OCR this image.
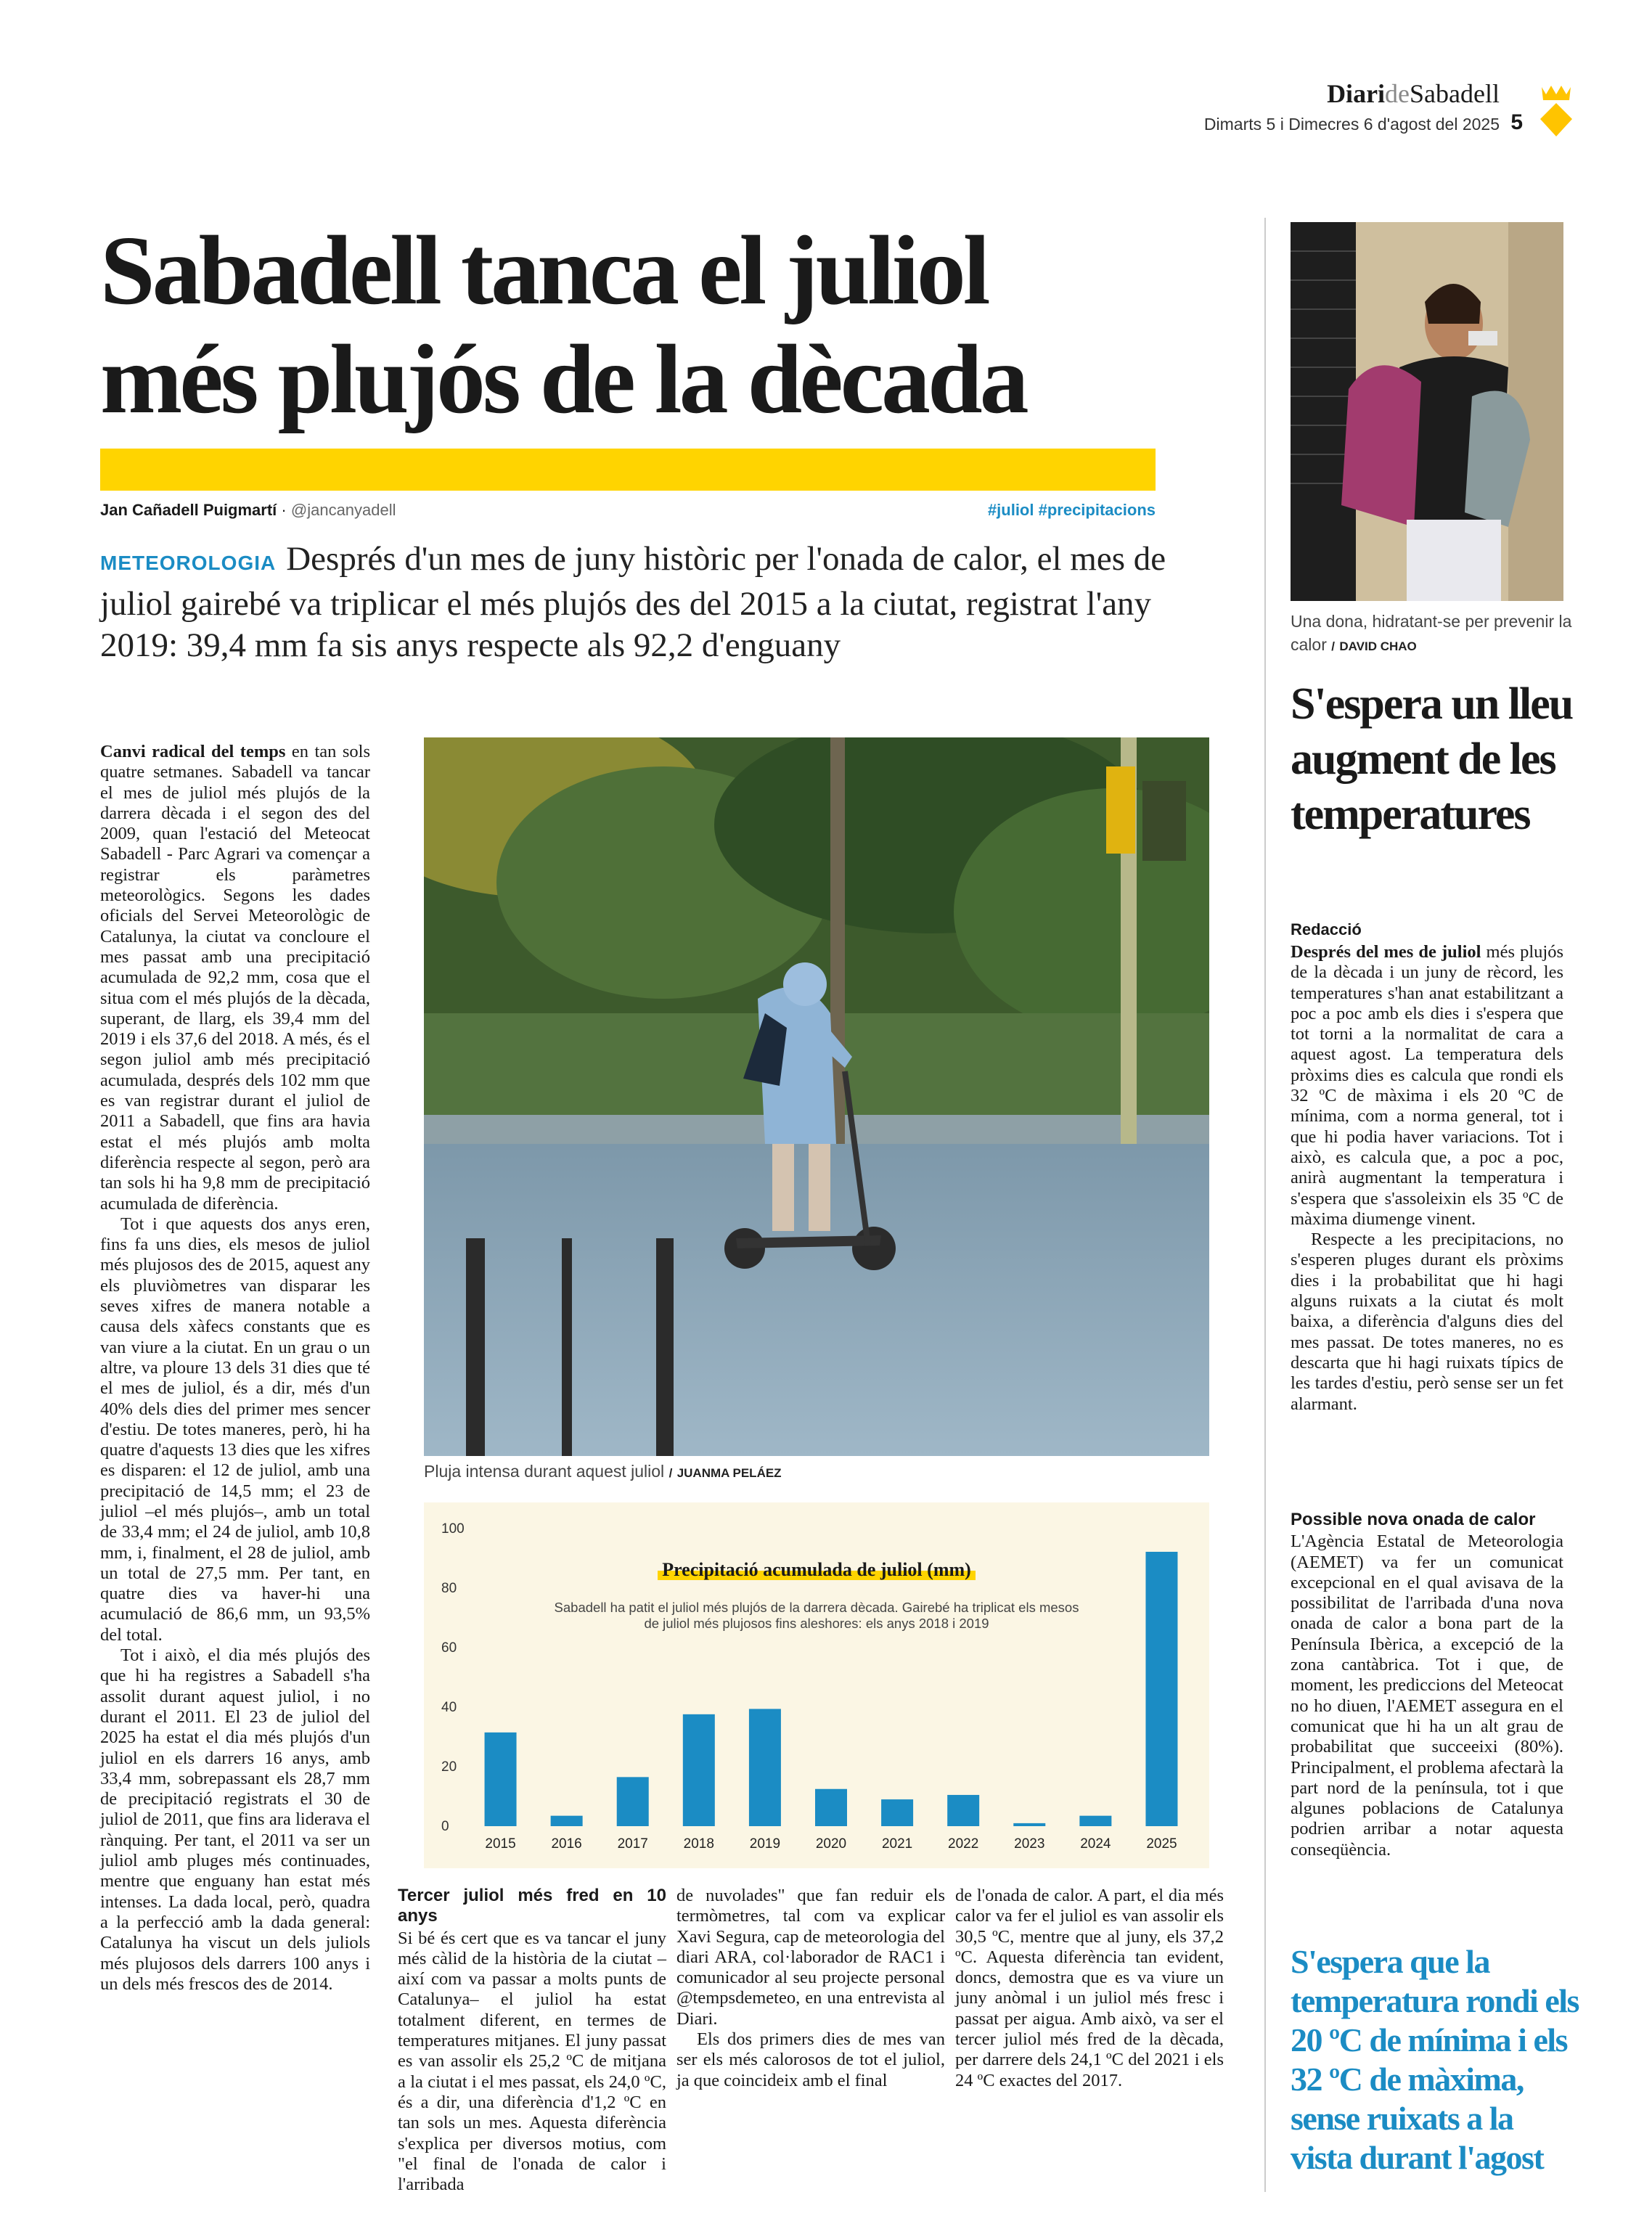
DiarideSabadell
Dimarts 5 i Dimecres 6 d'agost del 2025 5
Sabadell tanca el juliol
més plujós de la dècada
Jan Cañadell Puigmartí · @jancanyadell	#juliol #precipitacions
METEOROLOGIA Després d'un mes de juny històric per l'onada de calor, el mes de juliol gairebé va triplicar el més plujós des del 2015 a la ciutat, registrat l'any 2019: 39,4 mm fa sis anys respecte als 92,2 d'enguany

Canvi radical del temps en tan sols quatre setmanes. Sabadell va tancar el mes de juliol més plujós de la darrera dècada i el segon des del 2009, quan l'estació del Meteocat Sabadell - Parc Agrari va començar a registrar els paràmetres meteorològics. Segons les dades oficials del Servei Meteorològic de Catalunya, la ciutat va concloure el mes passat amb una precipitació acumulada de 92,2 mm, cosa que el situa com el més plujós de la dècada, superant, de llarg, els 39,4 mm del 2019 i els 37,6 del 2018. A més, és el segon juliol amb més precipitació acumulada, després dels 102 mm que es van registrar durant el juliol de 2011 a Sabadell, que fins ara havia estat el més plujós amb molta diferència respecte al segon, però ara tan sols hi ha 9,8 mm de precipitació acumulada de diferència.

Tot i que aquests dos anys eren, fins fa uns dies, els mesos de juliol més plujosos des de 2015, aquest any els pluviòmetres van disparar les seves xifres de manera notable a causa dels xàfecs constants que es van viure a la ciutat. En un grau o un altre, va ploure 13 dels 31 dies que té el mes de juliol, és a dir, més d'un 40% dels dies del primer mes sencer d'estiu. De totes maneres, però, hi ha quatre d'aquests 13 dies que les xifres es disparen: el 12 de juliol, amb una precipitació de 14,5 mm; el 23 de juliol –el més plujós–, amb un total de 33,4 mm; el 24 de juliol, amb 10,8 mm, i, finalment, el 28 de juliol, amb un total de 27,5 mm. Per tant, en quatre dies va haver-hi una acumulació de 86,6 mm, un 93,5% del total.

Tot i això, el dia més plujós des que hi ha registres a Sabadell s'ha assolit durant aquest juliol, i no durant el 2011. El 23 de juliol del 2025 ha estat el dia més plujós d'un juliol en els darrers 16 anys, amb 33,4 mm, sobrepassant els 28,7 mm de precipitació registrats el 30 de juliol de 2011, que fins ara liderava el rànquing. Per tant, el 2011 va ser un juliol amb pluges més continuades, mentre que enguany han estat més intenses. La dada local, però, quadra a la perfecció amb la dada general: Catalunya ha viscut un dels juliols més plujosos dels darrers 100 anys i un dels més frescos des de 2014.

Pluja intensa durant aquest juliol / JUANMA PELÁEZ
0
20
40
60
80
100
2015	2016	2017	2018	2019	2020	2021	2022	2023	2024	2025
Precipitació acumulada de juliol (mm)
Sabadell ha patit el juliol més plujós de la darrera dècada. Gairebé ha triplicat els mesos de juliol més plujosos fins aleshores: els anys 2018 i 2019
Tercer juliol més fred en 10 anys

Si bé és cert que es va tancar el juny més càlid de la història de la ciutat –així com va passar a molts punts de Catalunya– el juliol ha estat totalment diferent, en termes de temperatures mitjanes. El juny passat es van assolir els 25,2 ºC de mitjana a la ciutat i el mes passat, els 24,0 ºC, és a dir, una diferència d'1,2 ºC en tan sols un mes. Aquesta diferència s'explica per diversos motius, com "el final de l'onada de calor i l'arribada

de nuvolades" que fan reduir els termòmetres, tal com va explicar Xavi Segura, cap de meteorologia del diari ARA, col·laborador de RAC1 i comunicador al seu projecte personal @tempsdemeteo, en una entrevista al Diari.

Els dos primers dies de mes van ser els més calorosos de tot el juliol, ja que coincideix amb el final

de l'onada de calor. A part, el dia més calor va fer el juliol es van assolir els 30,5 ºC, mentre que al juny, els 37,2 ºC. Aquesta diferència tan evident, doncs, demostra que es va viure un juny anòmal i un juliol més fresc i passat per aigua. Amb això, va ser el tercer juliol més fred de la dècada, per darrere dels 24,1 ºC del 2021 i els 24 ºC exactes del 2017.

Una dona, hidratant-se per prevenir la calor / DAVID CHAO
S'espera un lleu augment de les temperatures
Redacció

Després del mes de juliol més plujós de la dècada i un juny de rècord, les temperatures s'han anat estabilitzant a poc a poc amb els dies i s'espera que tot torni a la normalitat de cara a aquest agost. La temperatura dels pròxims dies es calcula que rondi els 32 ºC de màxima i els 20 ºC de mínima, com a norma general, tot i que hi podia haver variacions. Tot i això, es calcula que, a poc a poc, anirà augmentant la temperatura i s'espera que s'assoleixin els 35 ºC de màxima diumenge vinent.

Respecte a les precipitacions, no s'esperen pluges durant els pròxims dies i la probabilitat que hi hagi alguns ruixats a la ciutat és molt baixa, a diferència d'alguns dies del mes passat. De totes maneres, no es descarta que hi hagi ruixats típics de les tardes d'estiu, però sense ser un fet alarmant.

Possible nova onada de calor

L'Agència Estatal de Meteorologia (AEMET) va fer un comunicat excepcional en el qual avisava de la possibilitat de l'arribada d'una nova onada de calor a bona part de la Península Ibèrica, a excepció de la zona cantàbrica. Tot i que, de moment, les prediccions del Meteocat no ho diuen, l'AEMET assegura en el comunicat que hi ha un alt grau de probabilitat que succeeixi (80%). Principalment, el problema afectarà la part nord de la península, tot i que algunes poblacions de Catalunya podrien arribar a notar aquesta conseqüència.

S'espera que la temperatura rondi els 20 ºC de mínima i els 32 ºC de màxima, sense ruixats a la vista durant l'agost
